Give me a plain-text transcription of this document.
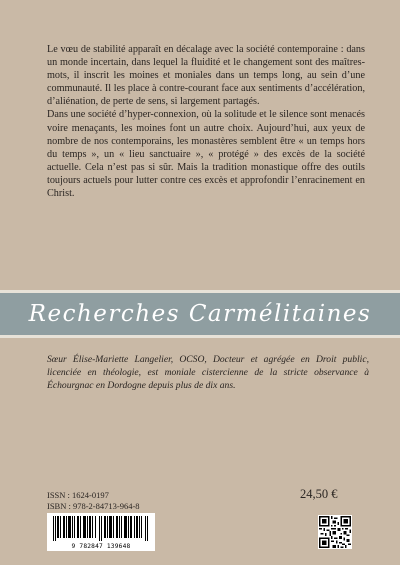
Le vœu de stabilité apparaît en décalage avec la société contemporaine : dans un monde incertain, dans lequel la fluidité et le changement sont des maîtres-mots, il inscrit les moines et moniales dans un temps long, au sein d’une communauté. Il les place à contre-courant face aux sentiments d’accélération, d’aliénation, de perte de sens, si largement partagés.

Dans une société d’hyper-connexion, où la solitude et le silence sont menacés voire menaçants, les moines font un autre choix. Aujourd’hui, aux yeux de nombre de nos contemporains, les monastères semblent être « un temps hors du temps », un « lieu sanctuaire », « protégé » des excès de la société actuelle. Cela n’est pas si sûr. Mais la tradition monastique offre des outils toujours actuels pour lutter contre ces excès et approfondir l’enracinement en Christ.

Recherches Carmélitaines
Sœur Élise-Mariette Langelier, OCSO, Docteur et agrégée en Droit public, licenciée en théologie, est moniale cistercienne de la stricte observance à Échourgnac en Dordogne depuis plus de dix ans.
ISSN : 1624-0197
ISBN : 978-2-84713-964-8
9 782847 139648
24,50 €
